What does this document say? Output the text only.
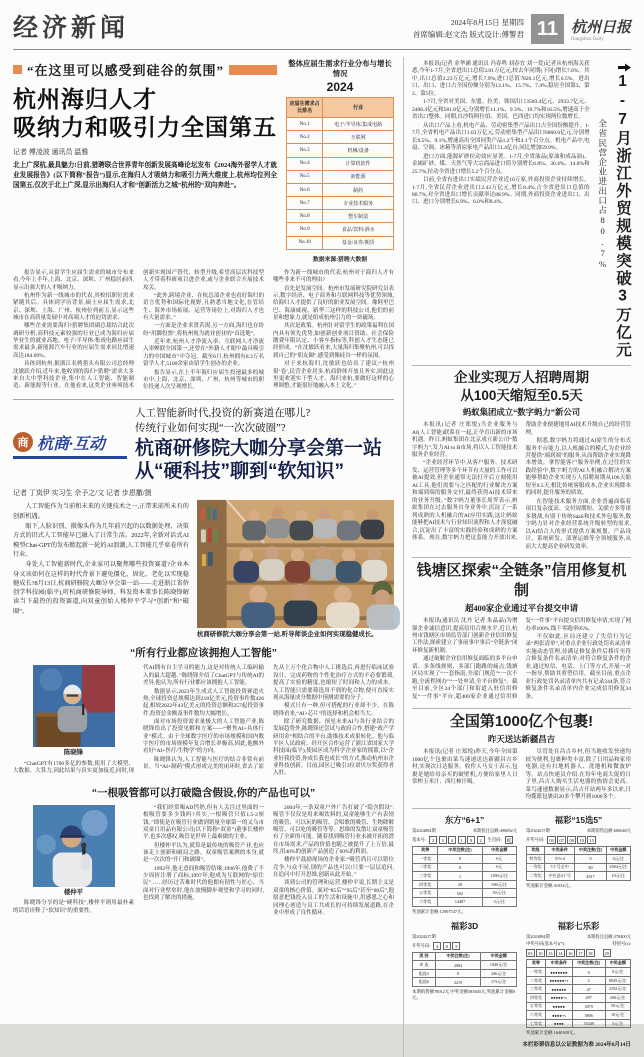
经济新闻	2024年8月15日 星期四
首席编辑:赵文浩 版式设计:傅警君 11 杭州日报
Hangzhou Daily
“在这里可以感受到硅谷的氛围”
杭州海归人才
吸纳力和吸引力全国第五
记者 傅凌波 通讯员 温雅
北上广深杭,最具魅力!日前,猎聘联合世界青年创新发展高峰论坛发布《2024海外留学人才就业发展报告》(以下简称“报告”)显示,在海归人才吸纳力和吸引力两大维度上,杭州均位列全国第五,仅次于北上广深,显示出海归人才和“创新活力之城”杭州的“双向奔赴”。
整体应届生需求行业分布与增长情况
2024
应届生需求占比排名	行业
No.1	电子/半导体/集成电路
No.2	互联网
No.3	机械/设备
No.4	计算机软件
No.5	新能源
No.6	制药
No.7	专业技术服务
No.8	整车制造
No.9	食品/饮料/酒水
No.10	基金/证券/期货
数据来源:猎聘大数据

报告显示,从留学生应届生需求的城市分布来看,今年上半年,上海、北京、深圳、广州稳居前四,显示出强大的人才吸纳力。

杭州作为新一线城市的代表,其校招职位需求紧随其后。具体到学历背景,硕士应届生需求,北京、深圳、上海、广州、杭州位列前五,显示这些城市在高质量发展中对高端人才的迫切需求。

哪些企业需要海归?猎聘集团副总裁结合此次调研分析,高科技元素较强的行业已成为海归应届毕业生的就业高地。电子/半导体/集成电路应届生需求最多,新能源汽车行业的应届生需求同比增速高达184.69%。

具体到杭州,据浙江名骋猎头有限公司总经理沈敏跃介绍,近年来,他收到的海归“猎聘”需求大多来自大中型科技企业,集中在人工智能、智能制造、新能源等行业。在他看来,这类企业亟须技术创新实现国产替代、转型升级,希望高层次科技型人才带着科研项目进企业,或与企业联合开展技术攻关。

“此外,跨境企业、在杭总部企业也看好海归的语言优势和国际化视野,且熟悉当地文化,在管培生、海外市场拓展、运营等岗位上,对海归人才也有大量需求。”

一方面是企业求贤若渴,另一方面,海归也在纷纷“用脚投票”,将杭州视为就业创业的“首选地”。

近年来,杭州人才净流入率、互联网人才净流入率蝉联全国第一,还曾在“外籍人才眼中最具吸引力的中国城市”中夺冠。截至6月,杭州拥有8.3万名留学人才,5100余家由留学生创办的企业。

报告显示,在上半年海归应届生投递最多的城市中,上海、北京、深圳、广州、杭州等城市的职位投递人次呈现增长。

作为新一线城市的代表,杭州对于海归人才有哪些非来不可的理由?

首先是发展空间。杭州市发展研究院研究员表示,数字经济、电子商务和互联网科技等优势领域,给海归人才提供了良好的职业发展空间。像阿里巴巴、海康威视、新华三这样的科技公司,他们的前景和想象力,就是组成杭州引力的一块磁场。

其次是政策。杭州针对留学生的政策福利在国内具有领先优势,如创新创业项目资助、社会保险缴费年限认定、小客车指标等,科创人才生态链已经形成。“在沈敏跃看来,大量海归集聚杭州,可以找到自己的“朋友圈”,感受到像硅谷一样的氛围。

对于来杭海归,沈敏跃也给出了建议:“杭州很‘卷’,民营企业居多,杭商群体开放且务实,因此这里更欢迎实干型人才。海归来杭,要做好这样的心理调整,才能很好地融入本土文化。”

商 杭商·互动
人工智能新时代,投资的新赛道在哪儿?
传统行业如何实现“一次次破圈”?
杭商研修院大咖分享会第一站
从“硬科技”聊到“软知识”
记者 丁岚伊 实习生 佘予之/文 记者 步恩撒/摄

人工智能作为当前和未来的关键技术之一,正带来前所未有的创新机遇。

眼下,人脸识别、摄像头作为几年前兴起的以数据处理、决策方式的旧式人工智能早已融入了日常生活。2022年,全新对话式AI模型Chat-GPT的发布掀起新一轮的AI浪潮,人工智能几乎席卷所有行业。

身处人工智能新时代,企业家可以聚焦哪些投资赛道?企业本身又该如何在这样的时代背景下避免僵化、固化、老化以实现稳健成长?8月13日,杭商研修院大咖分享会第一站——走进浙江省侨创学科技园(临平),听杭商研修院导师、科发资本董事长陈晓锋解读当下最热的投资赛道,向双童创始人楼仲平学习“创新”和“破圈”。

杭商研修院大咖分享会第一站,听导师谈企业如何实现稳健成长。
“所有行业都应该拥抱人工智能”
陈晓锋

“ChatGPT有1700多亿的参数,使用了大模型、大数据、大算力,因此结果与真实更加接近,同时,现代AI拥有自主学习的能力,这是对传统人工编码输入的最大超越。”陈晓锋介绍了ChatGPT与传统AI的差异,他认为,所有行业都应该拥抱人工智能。

数据显示,2023年生成式人工智能投资赛道火热,全球投资总规模达到218亿美元,投资事件数426起,相较2022年43亿美元的投资总额和257起投资事件,投资总金额及事件数均大幅增长。

面对市场投资需求量极大的人工智能产业,陈晓锋给出了投资见解和方案——“聚焦AI+具体行业”模式。由于全球数字医疗的市场规模和国内数字医疗的市场规模年复合增长率极高,因此,他额外看好“AI+医疗/生物学”的方向。

陈晓锋认为,人工智能与医疗的结合非常有前景。当“AI+制药”模式形成完美的闭环时,省去了原先从上万个化合物中人工挑选后,再进行临床试验设计、完成药物的个性化治疗方式的不必要繁琐,提高了实验的精度,也缩短了时间和人力的成本。人工智能只需要筛选用不到的化合物,便可直接实现从海量成分数据中预测需要的分子。

模式只有一种,但可搭配的行业却不少。在陈晓锋看来,“AI+芯片”的选择和机会相当大。

除了研究数据、预见未来AI与各行业结合的发展趋势外,陈晓锋还尝试与政府合作,搭建“政产学研用金”相结合的平台,助推技术成果转化。他与临平区人民政府、经开区合作运营了浙江省国家大学科技园(临平),使园区成为科学企业家的摇篮,以“企业好我投资,你成长我也成长”的方式,推动杭州市企业科技创新。目前,园区已吸引3位诺贝尔奖获得者入驻。

“一根吸管都可以打破隐含假设,你的产品也可以”
楼仲平

陈晓锋分享的是“硬科技”,楼仲平则用最朴素的话语诠释了“软知识”的重要性。

“我们经常喝AD钙奶,但有人关注过里面的一根吸管要多少钱吗?其实,一根吸管只值1.5-2厘钱。”即使是在吸管行业做到销量全球第一的义乌市双童日用品有限公司(以下简称“双童”)董事长楼仲平,也多次感叹,吸管是世界上最难做的主业。

但楼仲平认为,就算是最传统的吸管产业,也应该走上创新和破局之路。双童吸管案例的本身,就是一次次的“开门和破圈”。

1992年,他无意间和吸管结缘;1996年,他费了不少周折注册了商标;1997年,他成为互联网的“原住民”……经历过苦难时代的他拥有韧性与匠心。当面对行业壁垒时,他在放慢脚步观望和学习的同时,也找到了解决的措施。

2004年,一条双童户外广告打破了“隐含假设”:吸管不仅仅是用来喝饮料的,双童能够生产有表情的吸管、可以玩的吸管、会唱歌的吸管、生物降解吸管、可以吃的吸管等等。思维的发散让双童吸管有了全新的可能。随着找到吸管行业未被开拓的潜在市场需求,产品的价值也随之被提升了上万倍,最终,用40%的创新产品创造了60%的利润。

楼仲平鼓励现场的企业家:“吸管尚且可以错位竞争,与众不同,别的产品也可以!只要一层层追问,在追问中打开思维,创新从此开始。”

谈到公司的管理和运营,楼仲平说,长期主义是双童的核心价值。面对“85后”“95后”甚至“00后”,他愿意把钱投入员工的生活和设施中,用感恩之心和同理心创造与员工共成长的可持续发展道路,在企业中形成了良性循环。

本报讯(记者 金华涵 通讯员 冯春鸣 刘春宜 刘一爱)记者从杭州海关获悉,今年1-7月,全省进出口总值3.01万亿元,较去年同期(下同)增长7.6%。其中,出口总值2.23万亿元,增长7.9%;进口总值7820.1亿元,增长6.5%。进出口、出口、进口占全国份额分别为12.1%、15.7%、7.4%,稳居全国第3、第2、第5位。

1-7月,全省对美国、东盟、拉美、韩国出口3569.4亿元、2933.7亿元、2406.4亿元和581.8亿元,分别增长11.1%、9.3%、10.7%和16.5%,增速高于全省出口整体。同期,自沙特阿拉伯、美国、巴西进口均实现两位数增长。

从出口产品上看,机电产品、劳动密集型产品出口占全国份额提升。1-7月,全省机电产品出口1.03万亿元,劳动密集型产品出口6860.6亿元,分别增长9.5%、9.1%,增速高出全国同类产品1.2个和4.1个百分点。机电产品中,电扇、空调、冰箱等消凉家电产品出口1.4亿台,同比增加59.9%。

进口方面,能源矿砂拉动效应显著。1-7月,全省油品(原油和成品油)、金属矿砂、煤、天然气等大宗商品进口值分别增长6.8%、30.4%、14.8%和25.7%,拉动全省进口增长5.2个百分点。

目前,全省有进出口实绩民营企业近10万家,外商投资企业持续增长。1-7月,全省民营企业进出口2.43万亿元,增长8.4%,占全省进出口总值的80.7%,对全省进出口增长贡献率达88.9%。同期,外商投资企业进出口、出口、进口分别增长6.9%、6.0%和8.4%。	全省民营企业进出口占80.7% 1-7月浙江外贸规模突破3万亿元
企业实现万人招聘周期
从100天缩短至0.5天
蚂蚁集团成立“数字蚂力”新公司

本报讯(记者 庄郑悦)当企业服务与AI(人工智能)联系在一起,正孕育出新的市场机遇。昨日,蚂蚁集团在北京成立新公司“数字蚂力”,发力AI to B市场,将以人工智能技术服务企业经营。

“企业经营环节中,从客户服务、技术研发、运营管理等多个环节有大量的工作可以被AI提效,但企业通常无法打开后立刻使用AI工具,他们需要与之匹配的行业解决方案和端到端的服务交付,最终获得AI技术带来的业务升级。”数字蚂力董事长周霁表示,蚂蚁集团在过去服务自身业务中,沉淀了一系列成熟的人机融合的AI应用实践,这让蚂蚁能够把AI技术与行业知识流程和人才深度融合,沉淀出了丰富的实践经验和成熟的方案体系。现在,数字蚂力把这套能力开放出来,帮助企业便捷地用AI技术升级自己的经营管理。

据悉,数字蚂力将通过AI原生的分布式服务平台能力,以人机融合的模式,为企业经营提供“端到端”的服务,从而帮助企业实现降本增效。拿智能客户服务举例,在过往的实践经验中,数字蚂力的AI人机融合解决方案能够帮助企业实现万人招聘周期从100天缩短至0.5天,相比传统客服成本,企业实现降本的同时,提升服务的质效。

在智能技术服务方面,企业普遍面临着项目复杂度高、交付周期短、关联方多等诸多挑战,有别于传统SaaS和技术外包服务,数字蚂力针对企业经营系统升级转型的需求,以AI结合人的形式提供方案规划、产品设计、系统研发、部署运维等全领域服务,从而大大提高企业研发效率。

钱塘区探索“全链条”信用修复机制
超400家企业通过平台提交申请

本报讯(通讯员 沈丹 记者 朱晶晶)为增强企业诚信意识,提高信用合规水平,近日,杭州市钱塘区市场监管部门创新企业信用修复工作法,探索建立了事前事中事后“全链条”闭环修复新机制。

通过破解企业信用修复面临的多平台申请、多条线规则、多部门跑路的痛点,钱塘区局实现了“一套指南,全部门规范”“一次不跑,全流程网办”“一处申请,全平台修复”。截至目前,全区24个部门和街道入驻信用修复“一件事”平台,超400家企业通过信用修复“一件事”平台提交信用修复申请,实现了网办率100%,线下零跑率95%。

不仅如此,区局还建立了失信行为记录“两张清单”,对重点企业行政处罚名录清单实施动态管理,待满足修复条件后移库至符合修复条件名录清单;对符合修复条件的企业,通过短信、电话、上门等方式,开展一对一指导,帮助其重塑信用。截至目前,重点企业行政处罚名录清单内共有记录244条,符合修复条件名录清单内企业完成信用修复34条。

全国第1000亿个包裹!
昨天送达新疆昌吉

本报讯(记者 庄郑悦)昨天,今年全国第1000亿个包裹由菜鸟速递送达新疆昌吉乡村,实现次日达服务。收件人马女士表示,包裹是她给母亲买的破壁机,方便给家里人日常榨玉米汁、西红柿汁喝。

尽管处在昌吉乡村,但当地收发快递均较为便利,包裹种类丰富,除了日用品和家用电器,还有扫地机器人、洗地机和微波炉等。站点快递员介绍,在每年电商大促的日子里,昌吉人购买生活电器的热情会更高。菜鸟速递数据显示,昌吉开站两年多以来,日均揽派包裹由20多个攀升到1000多个。

东方“6+1”
第2024094期	本期投注总额:490692元
基本号:	2	3	4	1	9	2	生肖码:	蛇
奖等	中奖注数(注)	中奖金额
一等奖	0	0元
二等奖	0	0元
三等奖	1	1000元/注
四等奖	28	500元/注
五等奖	502	50元/注
六等奖	14487	5元/注
奖池累计金额:12907547元。
福彩“15选5”
第2024217期	本期销售总额:606048元
开奖号码:	03	07	08	10	15
奖级	中奖条件	中奖注数(注)	中奖金额
特等奖	中5+4	0	0元/注
一等奖	5个号全中	80	2584元/注
二等奖	中任意4个号	4817	10元/注
奖池累计金额:41034元。
福彩3D
第2024217期
开奖号码:	4	0	5
类 别	中奖注数(注)	中奖金额
单 选	2084	1040元/注
组选3	0	346元/注
组选6	2219	173元/注
本期销售额78012元,中奖金额383045元,奖池累计金额0元。
福彩七乐彩
第2024094期	本期投注总额:378400元
中奖号码(基本号)(*):	特别号(s):
03	10	13	14	16	17	18	29
奖等	中奖条件	中奖注数(注)	中奖金额
一等奖	●●●●●●●	0	0元/注
二等奖	●●●●●●+s	2	8045元/注
三等奖	●●●●●●	47	2192元/注
四等奖	●●●●●+s	297	200元/注
五等奖	●●●●●	3079	50元/注
六等奖	●●●●+s	5806	10元/注
七等奖	●●●●	35449	5元/注
奖池累计金额:1640300元。
本栏彩票信息以公证数据为准 2024年8月14日
